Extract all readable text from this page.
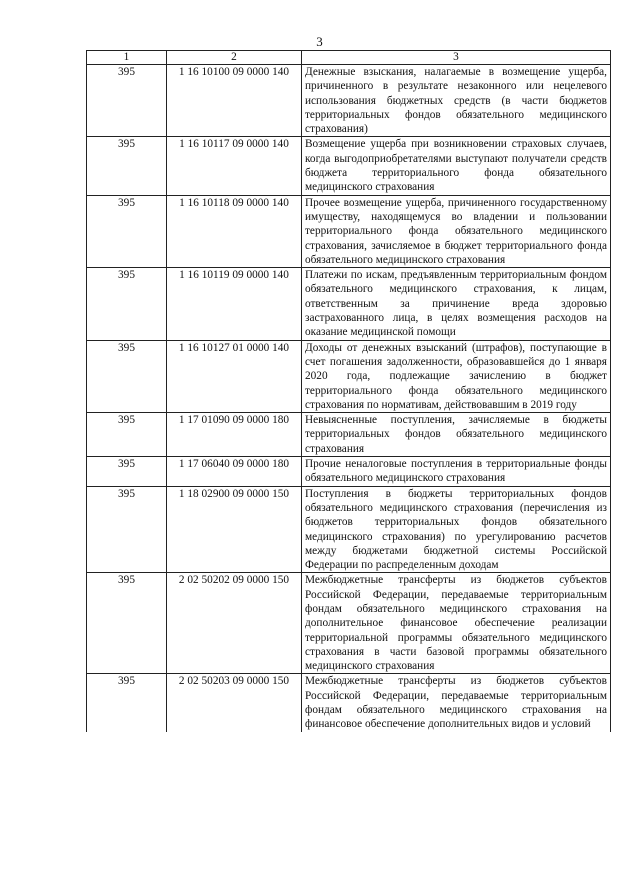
3
1	2	3
395	1 16 10100 09 0000 140	Денежные взыскания, налагаемые в возмещение ущерба, причиненного в результате незаконного или нецелевого использования бюджетных средств (в части бюджетов территориальных фондов обязательного медицинского страхования)
395	1 16 10117 09 0000 140	Возмещение ущерба при возникновении страховых случаев, когда выгодоприобретателями выступают получатели средств бюджета территориального фонда обязательного медицинского страхования
395	1 16 10118 09 0000 140	Прочее возмещение ущерба, причиненного государственному имуществу, находящемуся во владении и пользовании территориального фонда обязательного медицинского страхования, зачисляемое в бюджет территориального фонда обязательного медицинского страхования
395	1 16 10119 09 0000 140	Платежи по искам, предъявленным территориальным фондом обязательного медицинского страхования, к лицам, ответственным за причинение вреда здоровью застрахованного лица, в целях возмещения расходов на оказание медицинской помощи
395	1 16 10127 01 0000 140	Доходы от денежных взысканий (штрафов), поступающие в счет погашения задолженности, образовавшейся до 1 января 2020 года, подлежащие зачислению в бюджет территориального фонда обязательного медицинского страхования по нормативам, действовавшим в 2019 году
395	1 17 01090 09 0000 180	Невыясненные поступления, зачисляемые в бюджеты территориальных фондов обязательного медицинского страхования
395	1 17 06040 09 0000 180	Прочие неналоговые поступления в территориальные фонды обязательного медицинского страхования
395	1 18 02900 09 0000 150	Поступления в бюджеты территориальных фондов обязательного медицинского страхования (перечисления из бюджетов территориальных фондов обязательного медицинского страхования) по урегулированию расчетов между бюджетами бюджетной системы Российской Федерации по распределенным доходам
395	2 02 50202 09 0000 150	Межбюджетные трансферты из бюджетов субъектов Российской Федерации, передаваемые территориальным фондам обязательного медицинского страхования на дополнительное финансовое обеспечение реализации территориальной программы обязательного медицинского страхования в части базовой программы обязательного медицинского страхования
395	2 02 50203 09 0000 150	Межбюджетные трансферты из бюджетов субъектов Российской Федерации, передаваемые территориальным фондам обязательного медицинского страхования на финансовое обеспечение дополнительных видов и условий
